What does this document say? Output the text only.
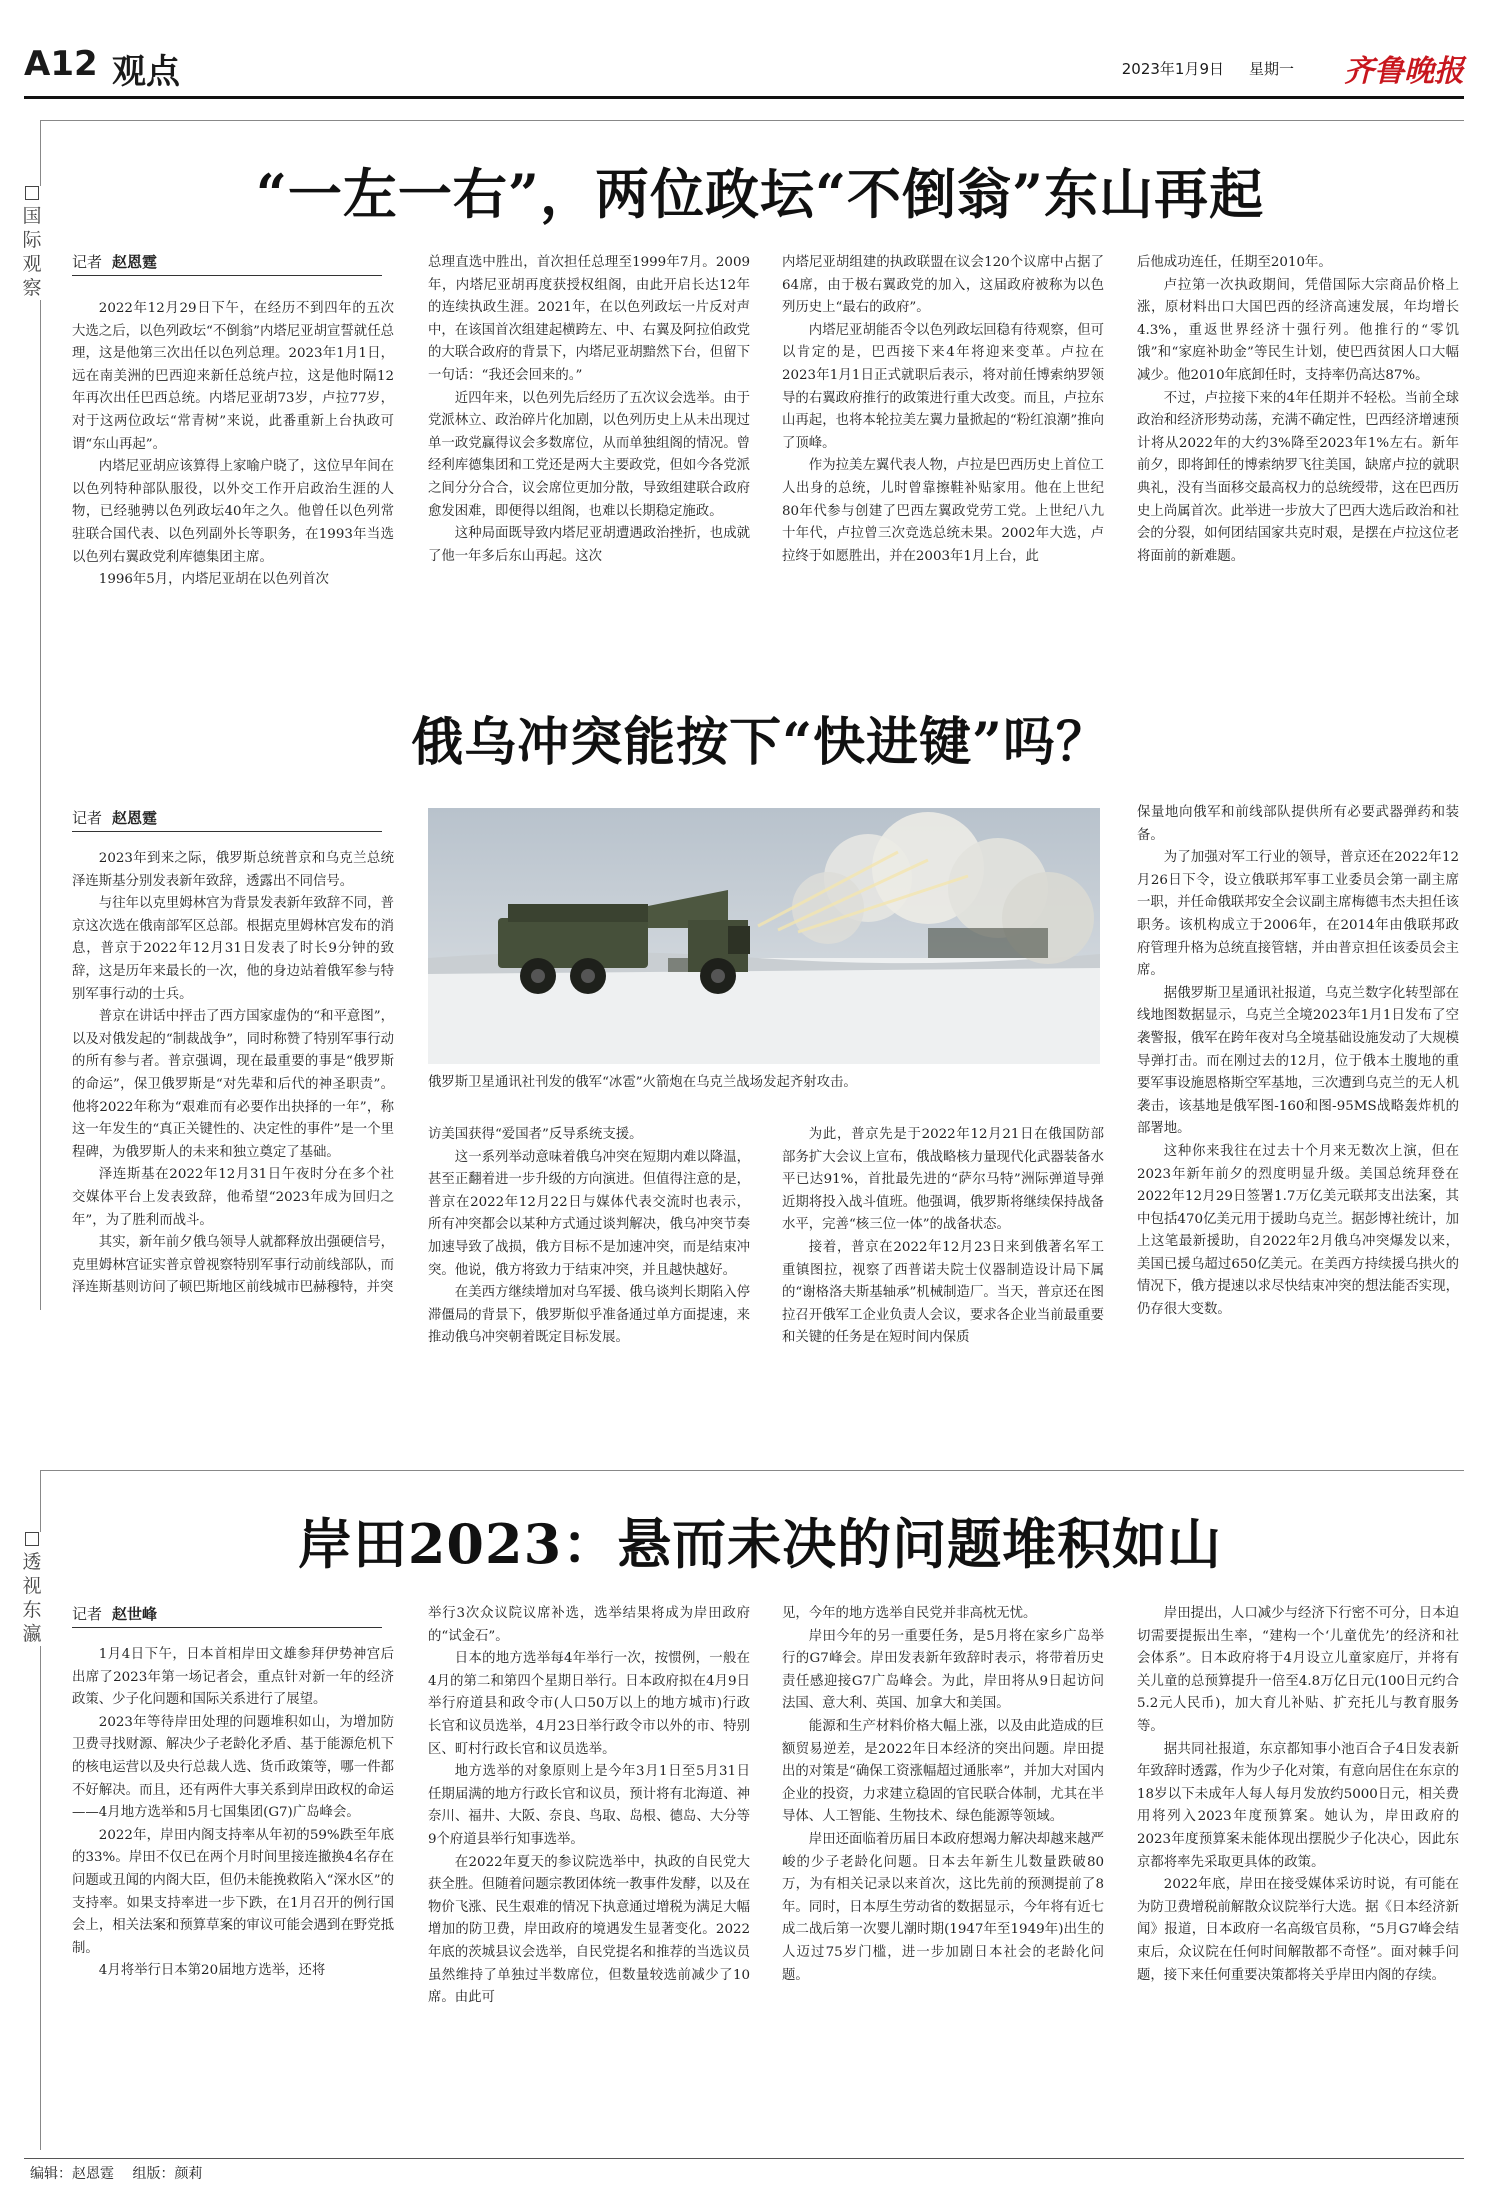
A12 观点	2023年1月9日 星期一 齐鲁晚报
国
际
观
察
“一左一右”，两位政坛“不倒翁”东山再起
记者 赵恩霆

2022年12月29日下午，在经历不到四年的五次大选之后，以色列政坛“不倒翁”内塔尼亚胡宣誓就任总理，这是他第三次出任以色列总理。2023年1月1日，远在南美洲的巴西迎来新任总统卢拉，这是他时隔12年再次出任巴西总统。内塔尼亚胡73岁，卢拉77岁，对于这两位政坛“常青树”来说，此番重新上台执政可谓“东山再起”。

内塔尼亚胡应该算得上家喻户晓了，这位早年间在以色列特种部队服役，以外交工作开启政治生涯的人物，已经驰骋以色列政坛40年之久。他曾任以色列常驻联合国代表、以色列副外长等职务，在1993年当选以色列右翼政党利库德集团主席。

1996年5月，内塔尼亚胡在以色列首次

总理直选中胜出，首次担任总理至1999年7月。2009年，内塔尼亚胡再度获授权组阁，由此开启长达12年的连续执政生涯。2021年，在以色列政坛一片反对声中，在该国首次组建起横跨左、中、右翼及阿拉伯政党的大联合政府的背景下，内塔尼亚胡黯然下台，但留下一句话：“我还会回来的。”

近四年来，以色列先后经历了五次议会选举。由于党派林立、政治碎片化加剧，以色列历史上从未出现过单一政党赢得议会多数席位，从而单独组阁的情况。曾经利库德集团和工党还是两大主要政党，但如今各党派之间分分合合，议会席位更加分散，导致组建联合政府愈发困难，即便得以组阁，也难以长期稳定施政。

这种局面既导致内塔尼亚胡遭遇政治挫折，也成就了他一年多后东山再起。这次

内塔尼亚胡组建的执政联盟在议会120个议席中占据了64席，由于极右翼政党的加入，这届政府被称为以色列历史上“最右的政府”。

内塔尼亚胡能否令以色列政坛回稳有待观察，但可以肯定的是，巴西接下来4年将迎来变革。卢拉在2023年1月1日正式就职后表示，将对前任博索纳罗领导的右翼政府推行的政策进行重大改变。而且，卢拉东山再起，也将本轮拉美左翼力量掀起的“粉红浪潮”推向了顶峰。

作为拉美左翼代表人物，卢拉是巴西历史上首位工人出身的总统，儿时曾靠擦鞋补贴家用。他在上世纪80年代参与创建了巴西左翼政党劳工党。上世纪八九十年代，卢拉曾三次竞选总统未果。2002年大选，卢拉终于如愿胜出，并在2003年1月上台，此

后他成功连任，任期至2010年。

卢拉第一次执政期间，凭借国际大宗商品价格上涨，原材料出口大国巴西的经济高速发展，年均增长4.3%，重返世界经济十强行列。他推行的“零饥饿”和“家庭补助金”等民生计划，使巴西贫困人口大幅减少。他2010年底卸任时，支持率仍高达87%。

不过，卢拉接下来的4年任期并不轻松。当前全球政治和经济形势动荡，充满不确定性，巴西经济增速预计将从2022年的大约3%降至2023年1%左右。新年前夕，即将卸任的博索纳罗飞往美国，缺席卢拉的就职典礼，没有当面移交最高权力的总统绶带，这在巴西历史上尚属首次。此举进一步放大了巴西大选后政治和社会的分裂，如何团结国家共克时艰，是摆在卢拉这位老将面前的新难题。

俄乌冲突能按下“快进键”吗？
记者 赵恩霆

2023年到来之际，俄罗斯总统普京和乌克兰总统泽连斯基分别发表新年致辞，透露出不同信号。

与往年以克里姆林宫为背景发表新年致辞不同，普京这次选在俄南部军区总部。根据克里姆林宫发布的消息，普京于2022年12月31日发表了时长9分钟的致辞，这是历年来最长的一次，他的身边站着俄军参与特别军事行动的士兵。

普京在讲话中抨击了西方国家虚伪的“和平意图”，以及对俄发起的“制裁战争”，同时称赞了特别军事行动的所有参与者。普京强调，现在最重要的事是“俄罗斯的命运”，保卫俄罗斯是“对先辈和后代的神圣职责”。他将2022年称为“艰难而有必要作出抉择的一年”，称这一年发生的“真正关键性的、决定性的事件”是一个里程碑，为俄罗斯人的未来和独立奠定了基础。

泽连斯基在2022年12月31日午夜时分在多个社交媒体平台上发表致辞，他希望“2023年成为回归之年”，为了胜利而战斗。

其实，新年前夕俄乌领导人就都释放出强硬信号，克里姆林宫证实普京曾视察特别军事行动前线部队，而泽连斯基则访问了顿巴斯地区前线城市巴赫穆特，并突

俄罗斯卫星通讯社刊发的俄军“冰雹”火箭炮在乌克兰战场发起齐射攻击。

访美国获得“爱国者”反导系统支援。

这一系列举动意味着俄乌冲突在短期内难以降温，甚至正翻着进一步升级的方向演进。但值得注意的是，普京在2022年12月22日与媒体代表交流时也表示，所有冲突都会以某种方式通过谈判解决，俄乌冲突节奏加速导致了战损，俄方目标不是加速冲突，而是结束冲突。他说，俄方将致力于结束冲突，并且越快越好。

在美西方继续增加对乌军援、俄乌谈判长期陷入停滞僵局的背景下，俄罗斯似乎准备通过单方面提速，来推动俄乌冲突朝着既定目标发展。

为此，普京先是于2022年12月21日在俄国防部部务扩大会议上宣布，俄战略核力量现代化武器装备水平已达91%，首批最先进的“萨尔马特”洲际弹道导弹近期将投入战斗值班。他强调，俄罗斯将继续保持战备水平，完善“核三位一体”的战备状态。

接着，普京在2022年12月23日来到俄著名军工重镇图拉，视察了西普诺夫院士仪器制造设计局下属的“谢格洛夫斯基轴承”机械制造厂。当天，普京还在图拉召开俄军工企业负责人会议，要求各企业当前最重要和关键的任务是在短时间内保质

保量地向俄军和前线部队提供所有必要武器弹药和装备。

为了加强对军工行业的领导，普京还在2022年12月26日下令，设立俄联邦军事工业委员会第一副主席一职，并任命俄联邦安全会议副主席梅德韦杰夫担任该职务。该机构成立于2006年，在2014年由俄联邦政府管理升格为总统直接管辖，并由普京担任该委员会主席。

据俄罗斯卫星通讯社报道，乌克兰数字化转型部在线地图数据显示，乌克兰全境2023年1月1日发布了空袭警报，俄军在跨年夜对乌全境基础设施发动了大规模导弹打击。而在刚过去的12月，位于俄本土腹地的重要军事设施恩格斯空军基地，三次遭到乌克兰的无人机袭击，该基地是俄军图-160和图-95MS战略轰炸机的部署地。

这种你来我往在过去十个月来无数次上演，但在2023年新年前夕的烈度明显升级。美国总统拜登在2022年12月29日签署1.7万亿美元联邦支出法案，其中包括470亿美元用于援助乌克兰。据彭博社统计，加上这笔最新援助，自2022年2月俄乌冲突爆发以来，美国已援乌超过650亿美元。在美西方持续援乌拱火的情况下，俄方提速以求尽快结束冲突的想法能否实现，仍存很大变数。

透
视
东
瀛
岸田2023：悬而未决的问题堆积如山
记者 赵世峰

1月4日下午，日本首相岸田文雄参拜伊势神宫后出席了2023年第一场记者会，重点针对新一年的经济政策、少子化问题和国际关系进行了展望。

2023年等待岸田处理的问题堆积如山，为增加防卫费寻找财源、解决少子老龄化矛盾、基于能源危机下的核电运营以及央行总裁人选、货币政策等，哪一件都不好解决。而且，还有两件大事关系到岸田政权的命运——4月地方选举和5月七国集团(G7)广岛峰会。

2022年，岸田内阁支持率从年初的59%跌至年底的33%。岸田不仅已在两个月时间里接连撤换4名存在问题或丑闻的内阁大臣，但仍未能挽救陷入“深水区”的支持率。如果支持率进一步下跌，在1月召开的例行国会上，相关法案和预算草案的审议可能会遇到在野党抵制。

4月将举行日本第20届地方选举，还将

举行3次众议院议席补选，选举结果将成为岸田政府的“试金石”。

日本的地方选举每4年举行一次，按惯例，一般在4月的第二和第四个星期日举行。日本政府拟在4月9日举行府道县和政令市(人口50万以上的地方城市)行政长官和议员选举，4月23日举行政令市以外的市、特别区、町村行政长官和议员选举。

地方选举的对象原则上是今年3月1日至5月31日任期届满的地方行政长官和议员，预计将有北海道、神奈川、福井、大阪、奈良、鸟取、岛根、德岛、大分等9个府道县举行知事选举。

在2022年夏天的参议院选举中，执政的自民党大获全胜。但随着问题宗教团体统一教事件发酵，以及在物价飞涨、民生艰难的情况下执意通过增税为满足大幅增加的防卫费，岸田政府的境遇发生显著变化。2022年底的茨城县议会选举，自民党提名和推荐的当选议员虽然维持了单独过半数席位，但数量较选前减少了10席。由此可

见，今年的地方选举自民党并非高枕无忧。

岸田今年的另一重要任务，是5月将在家乡广岛举行的G7峰会。岸田发表新年致辞时表示，将带着历史责任感迎接G7广岛峰会。为此，岸田将从9日起访问法国、意大利、英国、加拿大和美国。

能源和生产材料价格大幅上涨，以及由此造成的巨额贸易逆差，是2022年日本经济的突出问题。岸田提出的对策是“确保工资涨幅超过通胀率”，并加大对国内企业的投资，力求建立稳固的官民联合体制，尤其在半导体、人工智能、生物技术、绿色能源等领域。

岸田还面临着历届日本政府想竭力解决却越来越严峻的少子老龄化问题。日本去年新生儿数量跌破80万，为有相关记录以来首次，这比先前的预测提前了8年。同时，日本厚生劳动省的数据显示，今年将有近七成二战后第一次婴儿潮时期(1947年至1949年)出生的人迈过75岁门槛，进一步加剧日本社会的老龄化问题。

岸田提出，人口减少与经济下行密不可分，日本迫切需要提振出生率，“建构一个‘儿童优先’的经济和社会体系”。日本政府将于4月设立儿童家庭厅，并将有关儿童的总预算提升一倍至4.8万亿日元(100日元约合5.2元人民币)，加大育儿补贴、扩充托儿与教育服务等。

据共同社报道，东京都知事小池百合子4日发表新年致辞时透露，作为少子化对策，有意向居住在东京的18岁以下未成年人每人每月发放约5000日元，相关费用将列入2023年度预算案。她认为，岸田政府的2023年度预算案未能体现出摆脱少子化决心，因此东京都将率先采取更具体的政策。

2022年底，岸田在接受媒体采访时说，有可能在为防卫费增税前解散众议院举行大选。据《日本经济新闻》报道，日本政府一名高级官员称，“5月G7峰会结束后，众议院在任何时间解散都不奇怪”。面对棘手问题，接下来任何重要决策都将关乎岸田内阁的存续。

编辑：赵恩霆 组版：颜莉
